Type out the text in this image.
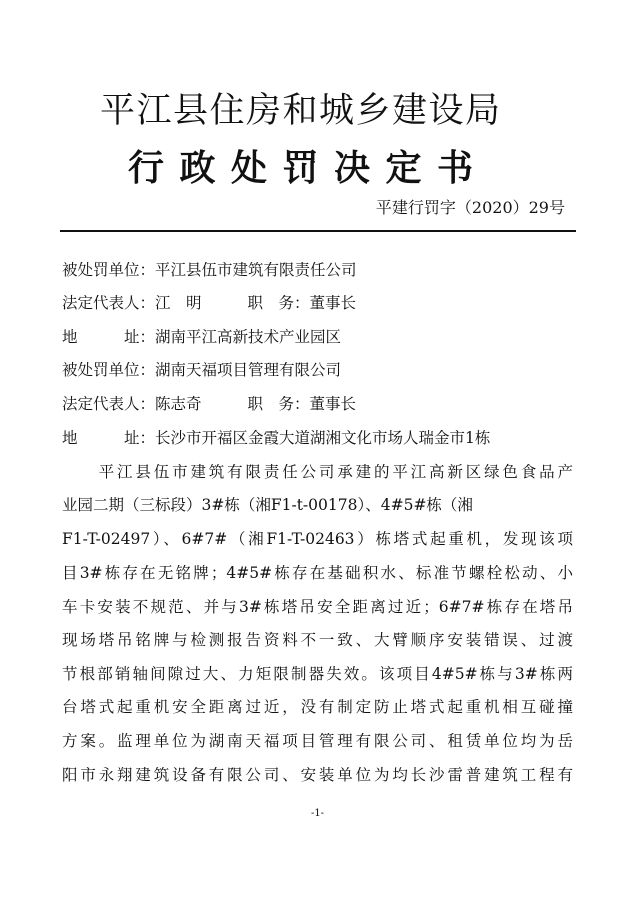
平江县住房和城乡建设局
行政处罚决定书
平建行罚字（2020）29号
被处罚单位：平江县伍市建筑有限责任公司
法定代表人：江　明	职　务：董事长
地　　　址：湖南平江高新技术产业园区
被处罚单位：湖南天福项目管理有限公司
法定代表人：陈志奇	职　务：董事长
地　　　址：长沙市开福区金霞大道湖湘文化市场人瑞金市1栋
　　平江县伍市建筑有限责任公司承建的平江高新区绿色食品产
业园二期（三标段）3#栋（湘F1-t-00178）、4#5#栋（湘
F1-T-02497）、6#7#（湘F1-T-02463）栋塔式起重机，发现该项
目3#栋存在无铭牌；4#5#栋存在基础积水、标准节螺栓松动、小
车卡安装不规范、并与3#栋塔吊安全距离过近；6#7#栋存在塔吊
现场塔吊铭牌与检测报告资料不一致、大臂顺序安装错误、过渡
节根部销轴间隙过大、力矩限制器失效。该项目4#5#栋与3#栋两
台塔式起重机安全距离过近，没有制定防止塔式起重机相互碰撞
方案。监理单位为湖南天福项目管理有限公司、租赁单位均为岳
阳市永翔建筑设备有限公司、安装单位为均长沙雷普建筑工程有
-1-
